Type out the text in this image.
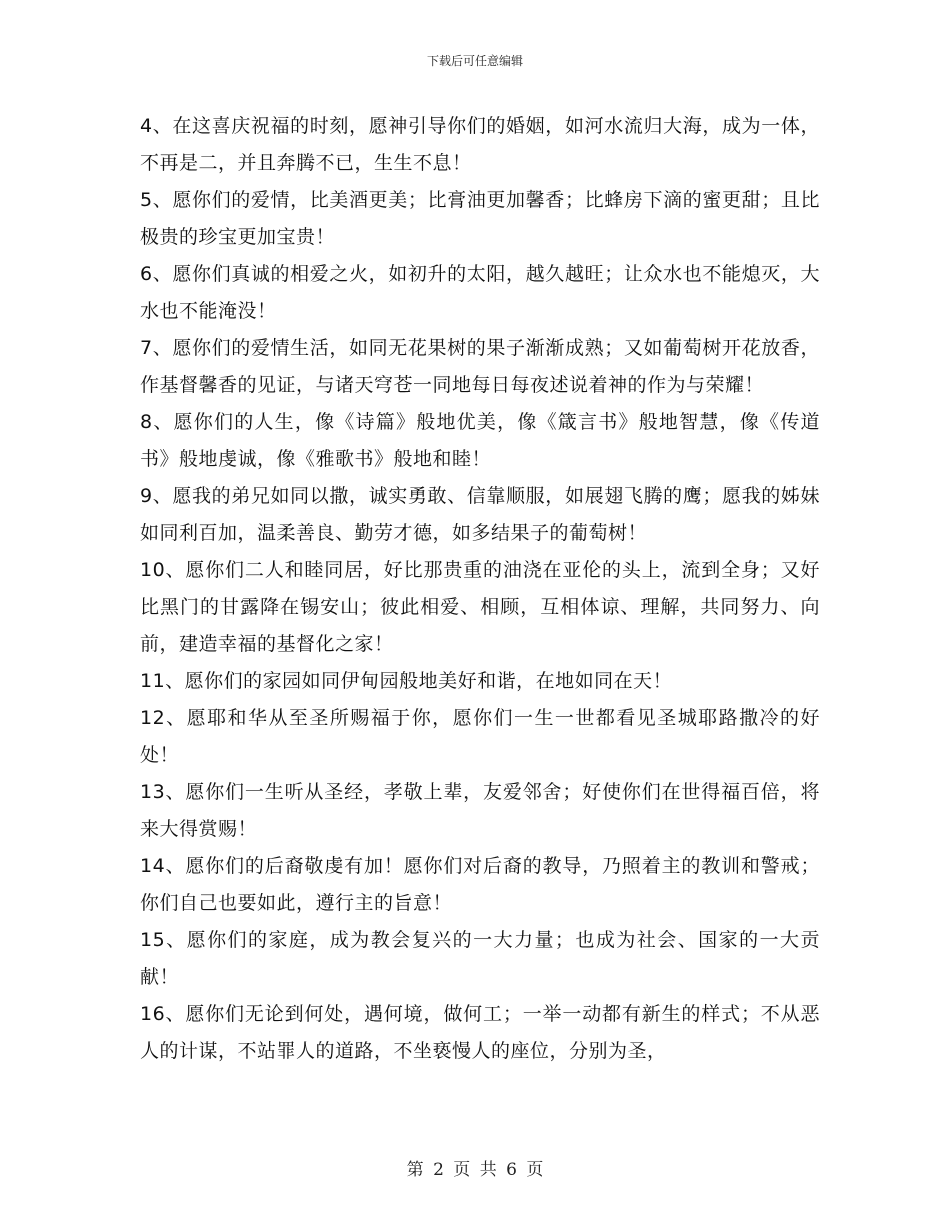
下载后可任意编辑

4、在这喜庆祝福的时刻，愿神引导你们的婚姻，如河水流归大海，成为一体，不再是二，并且奔腾不已，生生不息！

5、愿你们的爱情，比美酒更美；比膏油更加馨香；比蜂房下滴的蜜更甜；且比极贵的珍宝更加宝贵！

6、愿你们真诚的相爱之火，如初升的太阳，越久越旺；让众水也不能熄灭，大水也不能淹没！

7、愿你们的爱情生活，如同无花果树的果子渐渐成熟；又如葡萄树开花放香，作基督馨香的见证，与诸天穹苍一同地每日每夜述说着神的作为与荣耀！

8、愿你们的人生，像《诗篇》般地优美，像《箴言书》般地智慧，像《传道书》般地虔诚，像《雅歌书》般地和睦！

9、愿我的弟兄如同以撒，诚实勇敢、信靠顺服，如展翅飞腾的鹰；愿我的姊妹如同利百加，温柔善良、勤劳才德，如多结果子的葡萄树！

10、愿你们二人和睦同居，好比那贵重的油浇在亚伦的头上，流到全身；又好比黑门的甘露降在锡安山；彼此相爱、相顾，互相体谅、理解，共同努力、向前，建造幸福的基督化之家！

11、愿你们的家园如同伊甸园般地美好和谐，在地如同在天！

12、愿耶和华从至圣所赐福于你，愿你们一生一世都看见圣城耶路撒冷的好处！

13、愿你们一生听从圣经，孝敬上辈，友爱邻舍；好使你们在世得福百倍，将来大得赏赐！

14、愿你们的后裔敬虔有加！愿你们对后裔的教导，乃照着主的教训和警戒；你们自己也要如此，遵行主的旨意！

15、愿你们的家庭，成为教会复兴的一大力量；也成为社会、国家的一大贡献！

16、愿你们无论到何处，遇何境，做何工；一举一动都有新生的样式；不从恶人的计谋，不站罪人的道路，不坐亵慢人的座位，分别为圣，

第 2 页 共 6 页
